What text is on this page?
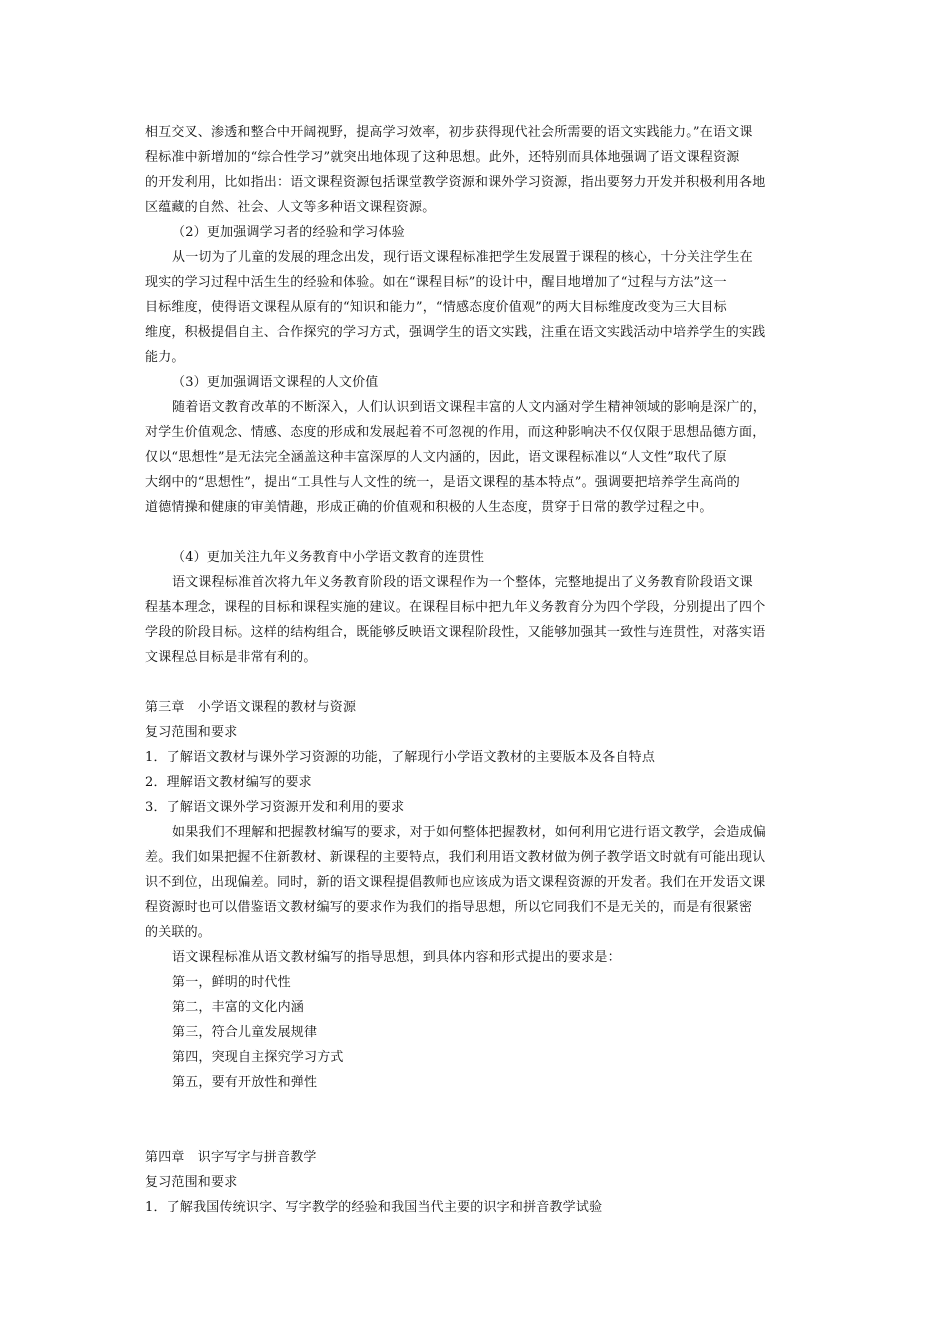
相互交叉、渗透和整合中开阔视野，提高学习效率，初步获得现代社会所需要的语文实践能力。”在语文课
程标准中新增加的“综合性学习”就突出地体现了这种思想。此外，还特别而具体地强调了语文课程资源
的开发利用，比如指出：语文课程资源包括课堂教学资源和课外学习资源，指出要努力开发并积极利用各地
区蕴藏的自然、社会、人文等多种语文课程资源。
（2）更加强调学习者的经验和学习体验
从一切为了儿童的发展的理念出发，现行语文课程标准把学生发展置于课程的核心，十分关注学生在
现实的学习过程中活生生的经验和体验。如在“课程目标”的设计中，醒目地增加了“过程与方法”这一
目标维度，使得语文课程从原有的“知识和能力”，“情感态度价值观”的两大目标维度改变为三大目标
维度，积极提倡自主、合作探究的学习方式，强调学生的语文实践，注重在语文实践活动中培养学生的实践
能力。
（3）更加强调语文课程的人文价值
随着语文教育改革的不断深入，人们认识到语文课程丰富的人文内涵对学生精神领域的影响是深广的，
对学生价值观念、情感、态度的形成和发展起着不可忽视的作用，而这种影响决不仅仅限于思想品德方面，
仅以“思想性”是无法完全涵盖这种丰富深厚的人文内涵的，因此，语文课程标准以“人文性”取代了原
大纲中的“思想性”，提出“工具性与人文性的统一，是语文课程的基本特点”。强调要把培养学生高尚的
道德情操和健康的审美情趣，形成正确的价值观和积极的人生态度，贯穿于日常的教学过程之中。
（4）更加关注九年义务教育中小学语文教育的连贯性
语文课程标准首次将九年义务教育阶段的语文课程作为一个整体，完整地提出了义务教育阶段语文课
程基本理念，课程的目标和课程实施的建议。在课程目标中把九年义务教育分为四个学段，分别提出了四个
学段的阶段目标。这样的结构组合，既能够反映语文课程阶段性，又能够加强其一致性与连贯性，对落实语
文课程总目标是非常有利的。
第三章　小学语文课程的教材与资源
复习范围和要求
1．了解语文教材与课外学习资源的功能，了解现行小学语文教材的主要版本及各自特点
2．理解语文教材编写的要求
3．了解语文课外学习资源开发和利用的要求
如果我们不理解和把握教材编写的要求，对于如何整体把握教材，如何利用它进行语文教学，会造成偏
差。我们如果把握不住新教材、新课程的主要特点，我们利用语文教材做为例子教学语文时就有可能出现认
识不到位，出现偏差。同时，新的语文课程提倡教师也应该成为语文课程资源的开发者。我们在开发语文课
程资源时也可以借鉴语文教材编写的要求作为我们的指导思想，所以它同我们不是无关的，而是有很紧密
的关联的。
语文课程标准从语文教材编写的指导思想，到具体内容和形式提出的要求是：
第一，鲜明的时代性
第二，丰富的文化内涵
第三，符合儿童发展规律
第四，突现自主探究学习方式
第五，要有开放性和弹性
第四章　识字写字与拼音教学
复习范围和要求
1．了解我国传统识字、写字教学的经验和我国当代主要的识字和拼音教学试验
